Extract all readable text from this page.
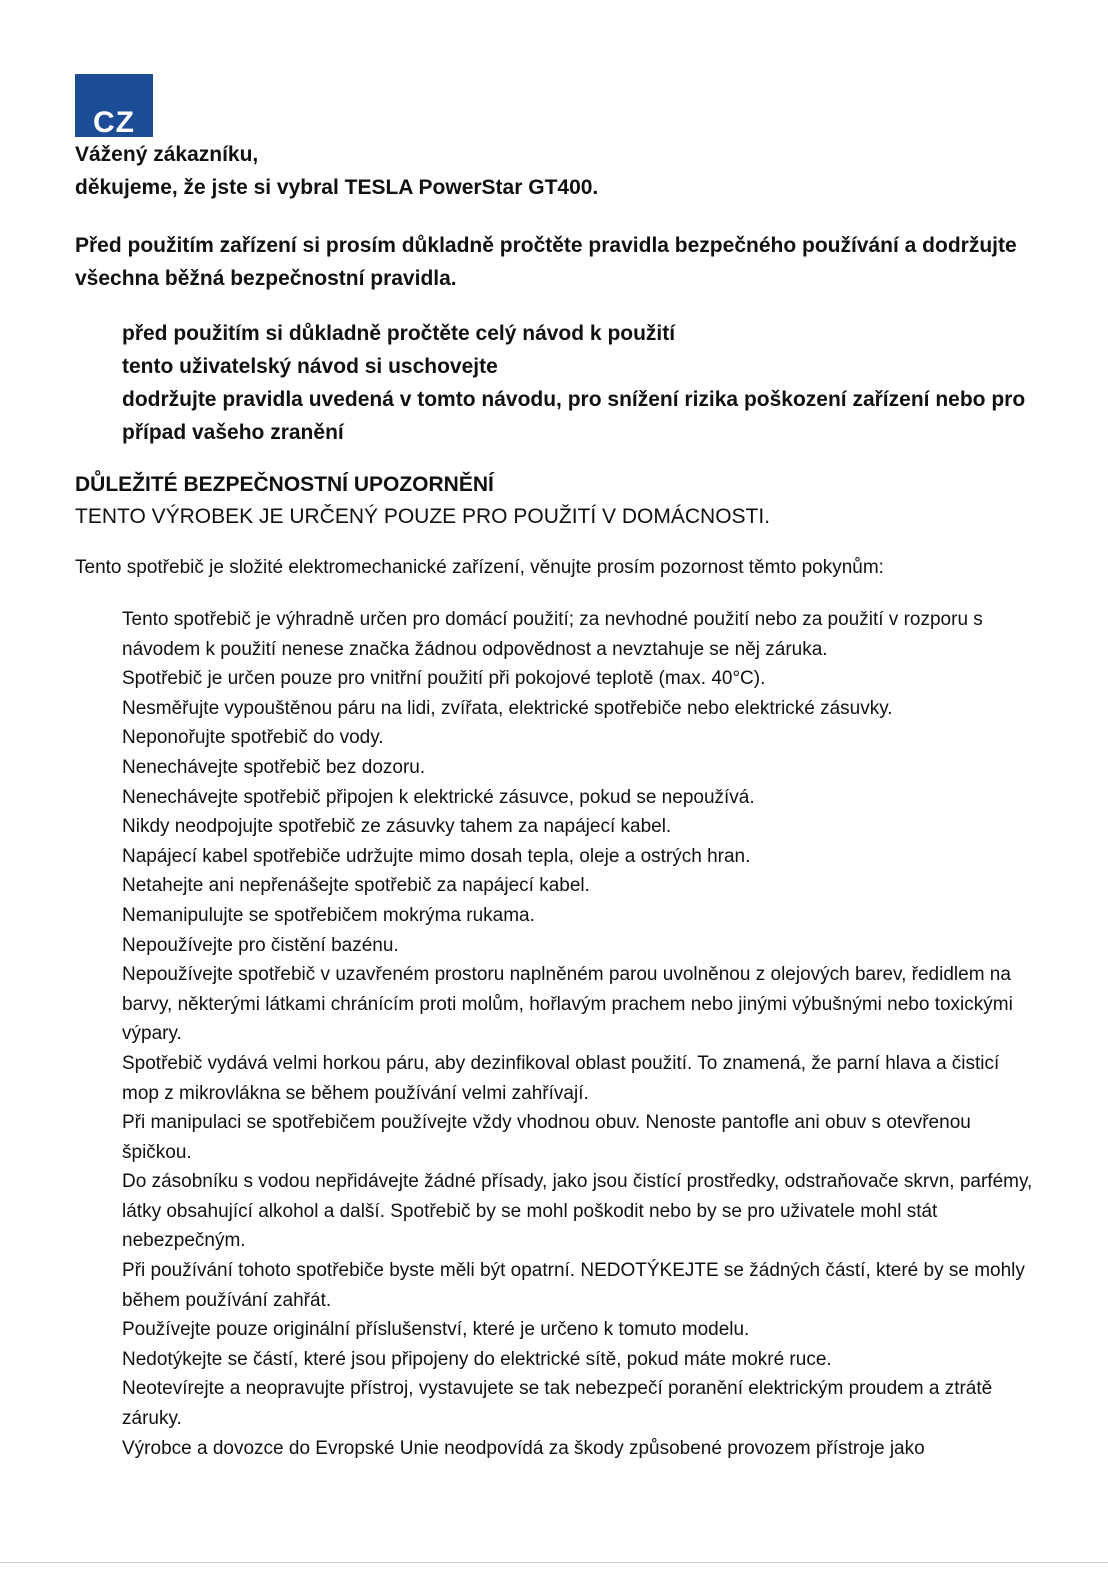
CZ

Vážený zákazníku,

děkujeme, že jste si vybral TESLA PowerStar GT400.

Před použitím zařízení si prosím důkladně pročtěte pravidla bezpečného používání a dodržujte všechna běžná bezpečnostní pravidla.

před použitím si důkladně pročtěte celý návod k použití
tento uživatelský návod si uschovejte
dodržujte pravidla uvedená v tomto návodu, pro snížení rizika poškození zařízení nebo pro případ vašeho zranění
DŮLEŽITÉ BEZPEČNOSTNÍ UPOZORNĚNÍ

TENTO VÝROBEK JE URČENÝ POUZE PRO POUŽITÍ V DOMÁCNOSTI.

Tento spotřebič je složité elektromechanické zařízení, věnujte prosím pozornost těmto pokynům:

Tento spotřebič je výhradně určen pro domácí použití; za nevhodné použití nebo za použití v rozporu s návodem k použití nenese značka žádnou odpovědnost a nevztahuje se něj záruka.
Spotřebič je určen pouze pro vnitřní použití při pokojové teplotě (max. 40°C).
Nesměřujte vypouštěnou páru na lidi, zvířata, elektrické spotřebiče nebo elektrické zásuvky.
Neponořujte spotřebič do vody.
Nenechávejte spotřebič bez dozoru.
Nenechávejte spotřebič připojen k elektrické zásuvce, pokud se nepoužívá.
Nikdy neodpojujte spotřebič ze zásuvky tahem za napájecí kabel.
Napájecí kabel spotřebiče udržujte mimo dosah tepla, oleje a ostrých hran.
Netahejte ani nepřenášejte spotřebič za napájecí kabel.
Nemanipulujte se spotřebičem mokrýma rukama.
Nepoužívejte pro čistění bazénu.
Nepoužívejte spotřebič v uzavřeném prostoru naplněném parou uvolněnou z olejových barev, ředidlem na barvy, některými látkami chránícím proti molům, hořlavým prachem nebo jinými výbušnými nebo toxickými výpary.
Spotřebič vydává velmi horkou páru, aby dezinfikoval oblast použití. To znamená, že parní hlava a čisticí mop z mikrovlákna se během používání velmi zahřívají.
Při manipulaci se spotřebičem používejte vždy vhodnou obuv. Nenoste pantofle ani obuv s otevřenou špičkou.
Do zásobníku s vodou nepřidávejte žádné přísady, jako jsou čistící prostředky, odstraňovače skrvn, parfémy, látky obsahující alkohol a další. Spotřebič by se mohl poškodit nebo by se pro uživatele mohl stát nebezpečným.
Při používání tohoto spotřebiče byste měli být opatrní. NEDOTÝKEJTE se žádných částí, které by se mohly během používání zahřát.
Používejte pouze originální příslušenství, které je určeno k tomuto modelu.
Nedotýkejte se částí, které jsou připojeny do elektrické sítě, pokud máte mokré ruce.
Neotevírejte a neopravujte přístroj, vystavujete se tak nebezpečí poranění elektrickým proudem a ztrátě záruky.
Výrobce a dovozce do Evropské Unie neodpovídá za škody způsobené provozem přístroje jako
